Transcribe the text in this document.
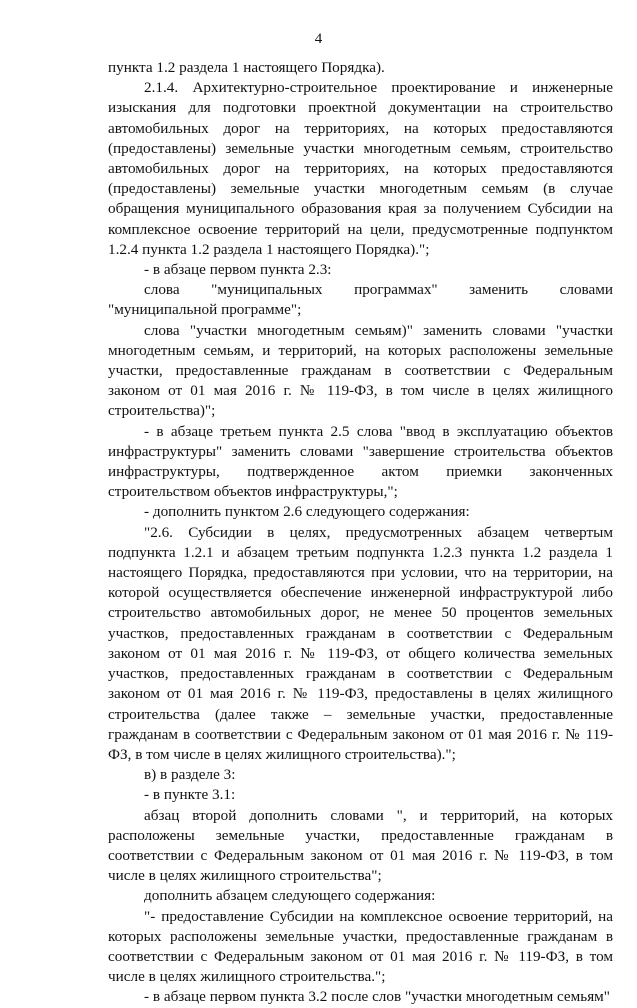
4

пункта 1.2 раздела 1 настоящего Порядка).

2.1.4. Архитектурно-строительное проектирование и инженерные изыскания для подготовки проектной документации на строительство автомобильных дорог на территориях, на которых предоставляются (предоставлены) земельные участки многодетным семьям, строительство автомобильных дорог на территориях, на которых предоставляются (предоставлены) земельные участки многодетным семьям (в случае обращения муниципального образования края за получением Субсидии на комплексное освоение территорий на цели, предусмотренные подпунктом 1.2.4 пункта 1.2 раздела 1 настоящего Порядка).";

- в абзаце первом пункта 2.3:

слова "муниципальных программах" заменить словами "муниципальной программе";

слова "участки многодетным семьям)" заменить словами "участки многодетным семьям, и территорий, на которых расположены земельные участки, предоставленные гражданам в соответствии с Федеральным законом от 01 мая 2016 г. № 119-ФЗ, в том числе в целях жилищного строительства)";

- в абзаце третьем пункта 2.5 слова "ввод в эксплуатацию объектов инфраструктуры" заменить словами "завершение строительства объектов инфраструктуры, подтвержденное актом приемки законченных строительством объектов инфраструктуры,";

- дополнить пунктом 2.6 следующего содержания:

"2.6. Субсидии в целях, предусмотренных абзацем четвертым подпункта 1.2.1 и абзацем третьим подпункта 1.2.3 пункта 1.2 раздела 1 настоящего Порядка, предоставляются при условии, что на территории, на которой осуществляется обеспечение инженерной инфраструктурой либо строительство автомобильных дорог, не менее 50 процентов земельных участков, предоставленных гражданам в соответствии с Федеральным законом от 01 мая 2016 г. № 119-ФЗ, от общего количества земельных участков, предоставленных гражданам в соответствии с Федеральным законом от 01 мая 2016 г. № 119-ФЗ, предоставлены в целях жилищного строительства (далее также – земельные участки, предоставленные гражданам в соответствии с Федеральным законом от 01 мая 2016 г. № 119-ФЗ, в том числе в целях жилищного строительства).";

в) в разделе 3:

- в пункте 3.1:

абзац второй дополнить словами ", и территорий, на которых расположены земельные участки, предоставленные гражданам в соответствии с Федеральным законом от 01 мая 2016 г. № 119-ФЗ, в том числе в целях жилищного строительства";

дополнить абзацем следующего содержания:

"- предоставление Субсидии на комплексное освоение территорий, на которых расположены земельные участки, предоставленные гражданам в соответствии с Федеральным законом от 01 мая 2016 г. № 119-ФЗ, в том числе в целях жилищного строительства.";

- в абзаце первом пункта 3.2 после слов "участки многодетным семьям"
